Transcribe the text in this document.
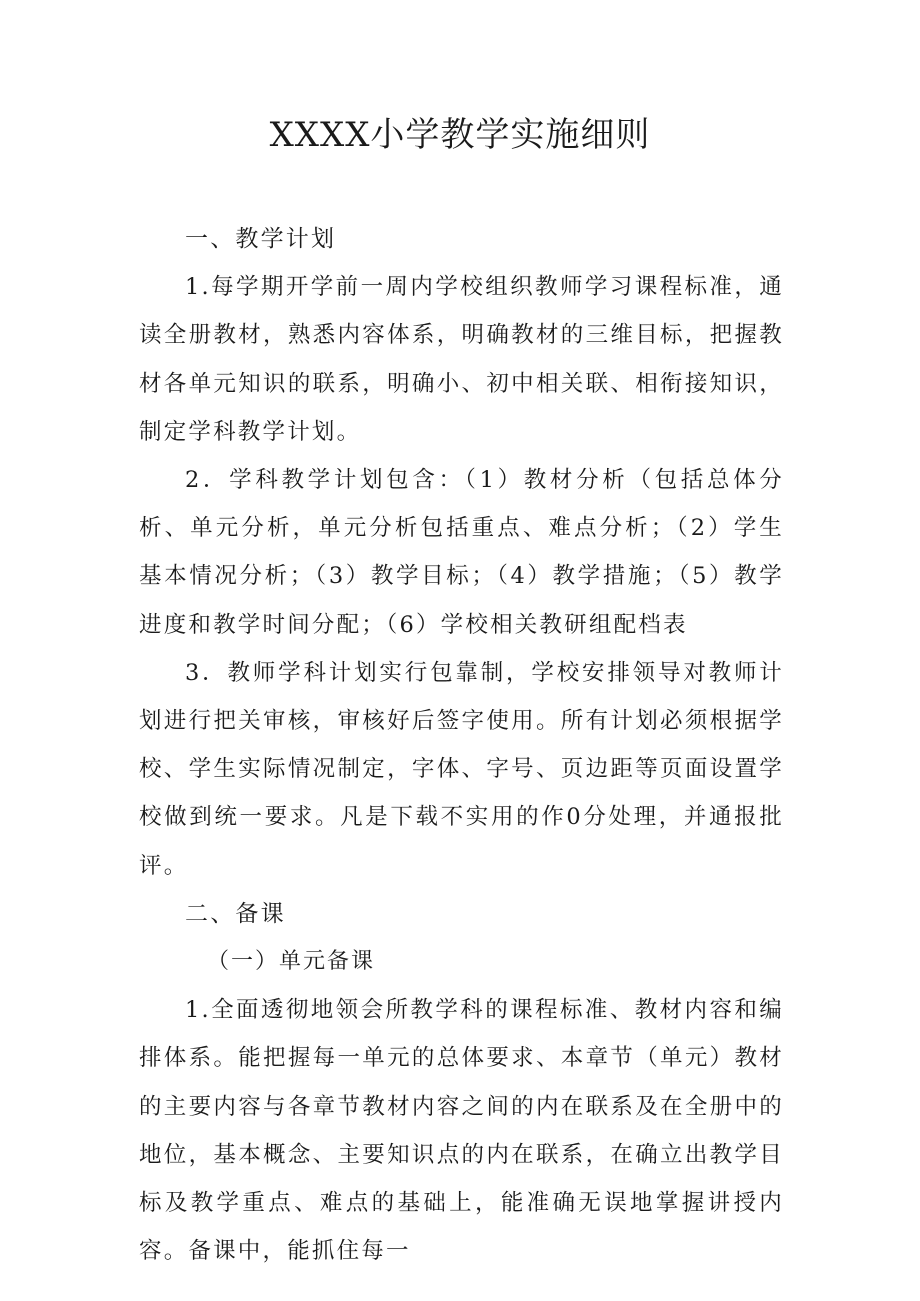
XXXX小学教学实施细则

一、教学计划

1.每学期开学前一周内学校组织教师学习课程标准，通读全册教材，熟悉内容体系，明确教材的三维目标，把握教材各单元知识的联系，明确小、初中相关联、相衔接知识，制定学科教学计划。

2．学科教学计划包含：（1）教材分析（包括总体分析、单元分析，单元分析包括重点、难点分析；（2）学生基本情况分析；（3）教学目标；（4）教学措施；（5）教学进度和教学时间分配；（6）学校相关教研组配档表

3．教师学科计划实行包靠制，学校安排领导对教师计划进行把关审核，审核好后签字使用。所有计划必须根据学校、学生实际情况制定，字体、字号、页边距等页面设置学校做到统一要求。凡是下载不实用的作0分处理，并通报批评。

二、备课

（一）单元备课

1.全面透彻地领会所教学科的课程标准、教材内容和编排体系。能把握每一单元的总体要求、本章节（单元）教材的主要内容与各章节教材内容之间的内在联系及在全册中的地位，基本概念、主要知识点的内在联系，在确立出教学目标及教学重点、难点的基础上，能准确无误地掌握讲授内容。备课中，能抓住每一
